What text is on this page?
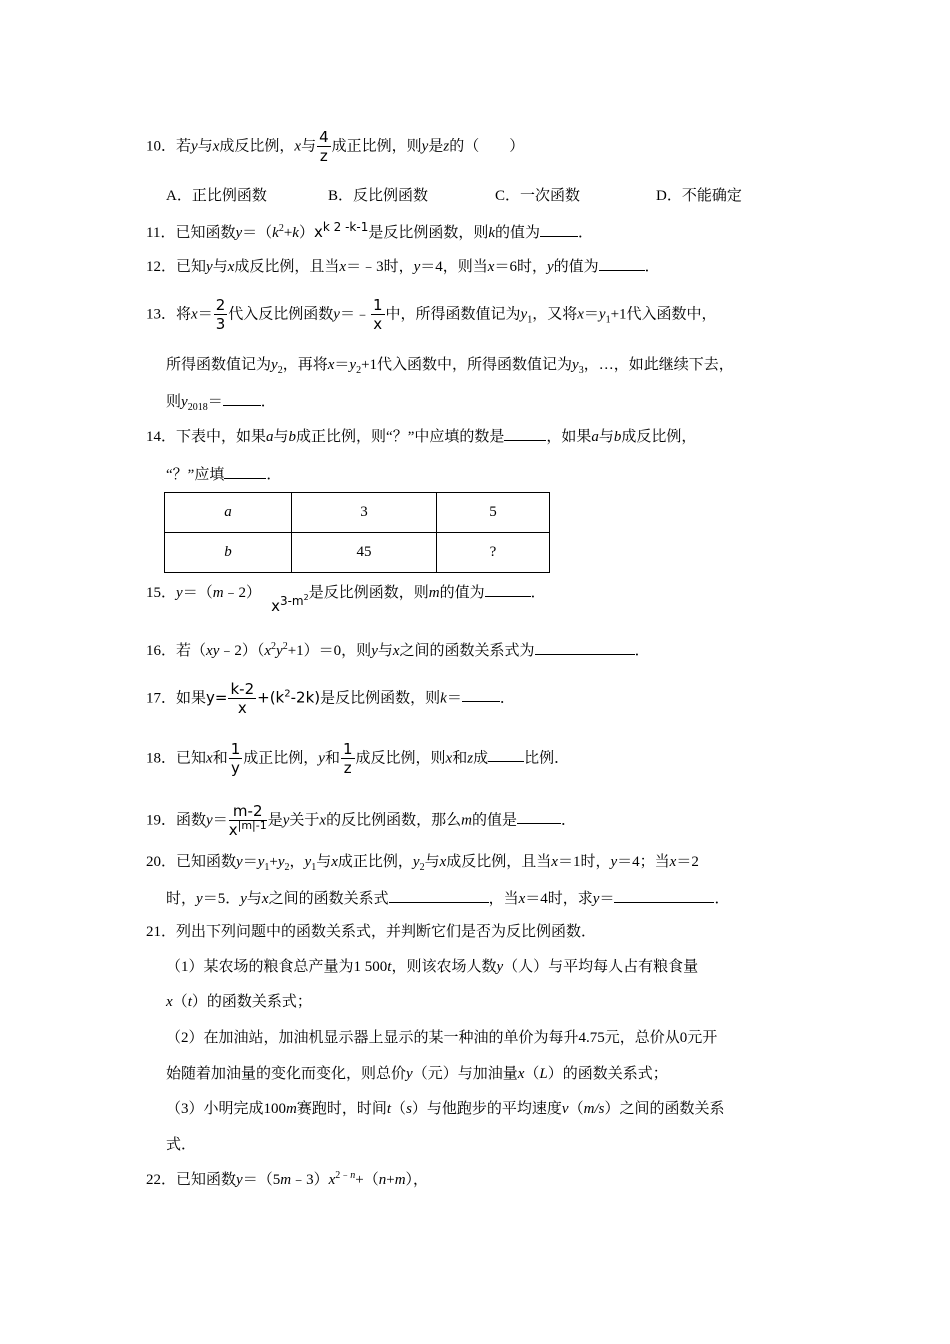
10．若y与x成反比例，x与 $\frac{4}{z}$ 成正比例，则y是z的（　　）
A．正比例函数	B．反比例函数	C．一次函数	D．不能确定
11．已知函数$y=(k^2+k)x^{k 2 -k-1}$是反比例函数，则k的值为	．
12．已知y与x成反比例，且当x＝﹣3时，y＝4，则当x＝6时，y的值为	．
13．将$x= \frac{2}{3}$ 代入反比例函数y＝﹣ $\frac{1}{x}$ 中，所得函数值记为$y_1$，又将$x=y_1+1$代入函数中，
所得函数值记为$y_2$，再将$x=y_2+1$代入函数中，所得函数值记为$y_3$，…，如此继续下去，
则$y_{2018}=$	．
14．下表中，如果a与b成正比例，则“？”中应填的数是	，如果a与b成反比例，
“？”应填	．
a	3	5
b	45	?
15．$y=(m﹣2)x^{3-m^2}$是反比例函数，则m的值为	．
16．若$(xy﹣2)(x^2y^2+1)=0$，则y与x之间的函数关系式为	．
17．如果$y= \frac{k-2}{x} +(k^2-2k)$是反比例函数，则k＝	．
18．已知x和 $\frac{1}{y}$ 成正比例，y和 $\frac{1}{z}$ 成反比例，则x和z成 比例．
19．函数$y= \frac{m-2}{x^{|m|-1}}$ 是y关于x的反比例函数，那么m的值是	．
20．已知函数$y=y_1+y_2$，$y_1$与x成正比例，$y_2$与x成反比例，且当x＝1时，y＝4；当x＝2
时，y＝5．y与x之间的函数关系式	，当x＝4时，求y＝	．
21．列出下列问题中的函数关系式，并判断它们是否为反比例函数．
（1）某农场的粮食总产量为1 500t，则该农场人数y（人）与平均每人占有粮食量
x（t）的函数关系式；
（2）在加油站，加油机显示器上显示的某一种油的单价为每升4.75元，总价从0元开
始随着加油量的变化而变化，则总价y（元）与加油量x（L）的函数关系式；
（3）小明完成100m赛跑时，时间t（s）与他跑步的平均速度v（m/s）之间的函数关系
式．
22．已知函数$y=(5m﹣3)x^{2﹣n}+(n+m)$，
